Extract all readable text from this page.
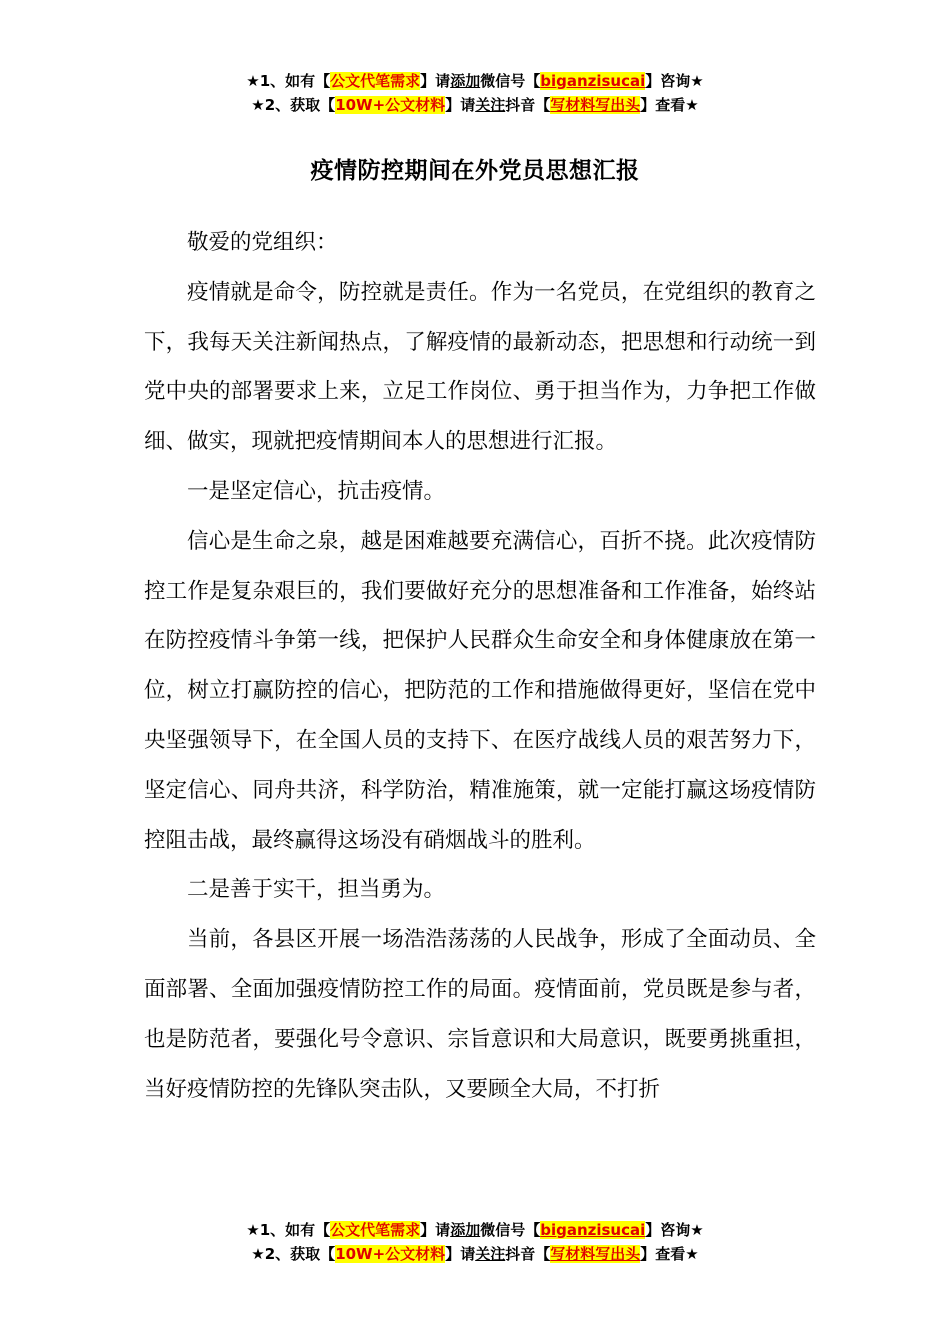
★1、如有【公文代笔需求】请添加微信号【biganzisucai】咨询★
★2、获取【10W+公文材料】请关注抖音【写材料写出头】查看★
疫情防控期间在外党员思想汇报

敬爱的党组织：

疫情就是命令，防控就是责任。作为一名党员，在党组织的教育之下，我每天关注新闻热点，了解疫情的最新动态，把思想和行动统一到党中央的部署要求上来，立足工作岗位、勇于担当作为，力争把工作做细、做实，现就把疫情期间本人的思想进行汇报。

一是坚定信心，抗击疫情。

信心是生命之泉，越是困难越要充满信心，百折不挠。此次疫情防控工作是复杂艰巨的，我们要做好充分的思想准备和工作准备，始终站在防控疫情斗争第一线，把保护人民群众生命安全和身体健康放在第一位，树立打赢防控的信心，把防范的工作和措施做得更好，坚信在党中央坚强领导下，在全国人员的支持下、在医疗战线人员的艰苦努力下，坚定信心、同舟共济，科学防治，精准施策，就一定能打赢这场疫情防控阻击战，最终赢得这场没有硝烟战斗的胜利。

二是善于实干，担当勇为。

当前，各县区开展一场浩浩荡荡的人民战争，形成了全面动员、全面部署、全面加强疫情防控工作的局面。疫情面前，党员既是参与者，也是防范者，要强化号令意识、宗旨意识和大局意识，既要勇挑重担，当好疫情防控的先锋队突击队，又要顾全大局，不打折

★1、如有【公文代笔需求】请添加微信号【biganzisucai】咨询★
★2、获取【10W+公文材料】请关注抖音【写材料写出头】查看★
